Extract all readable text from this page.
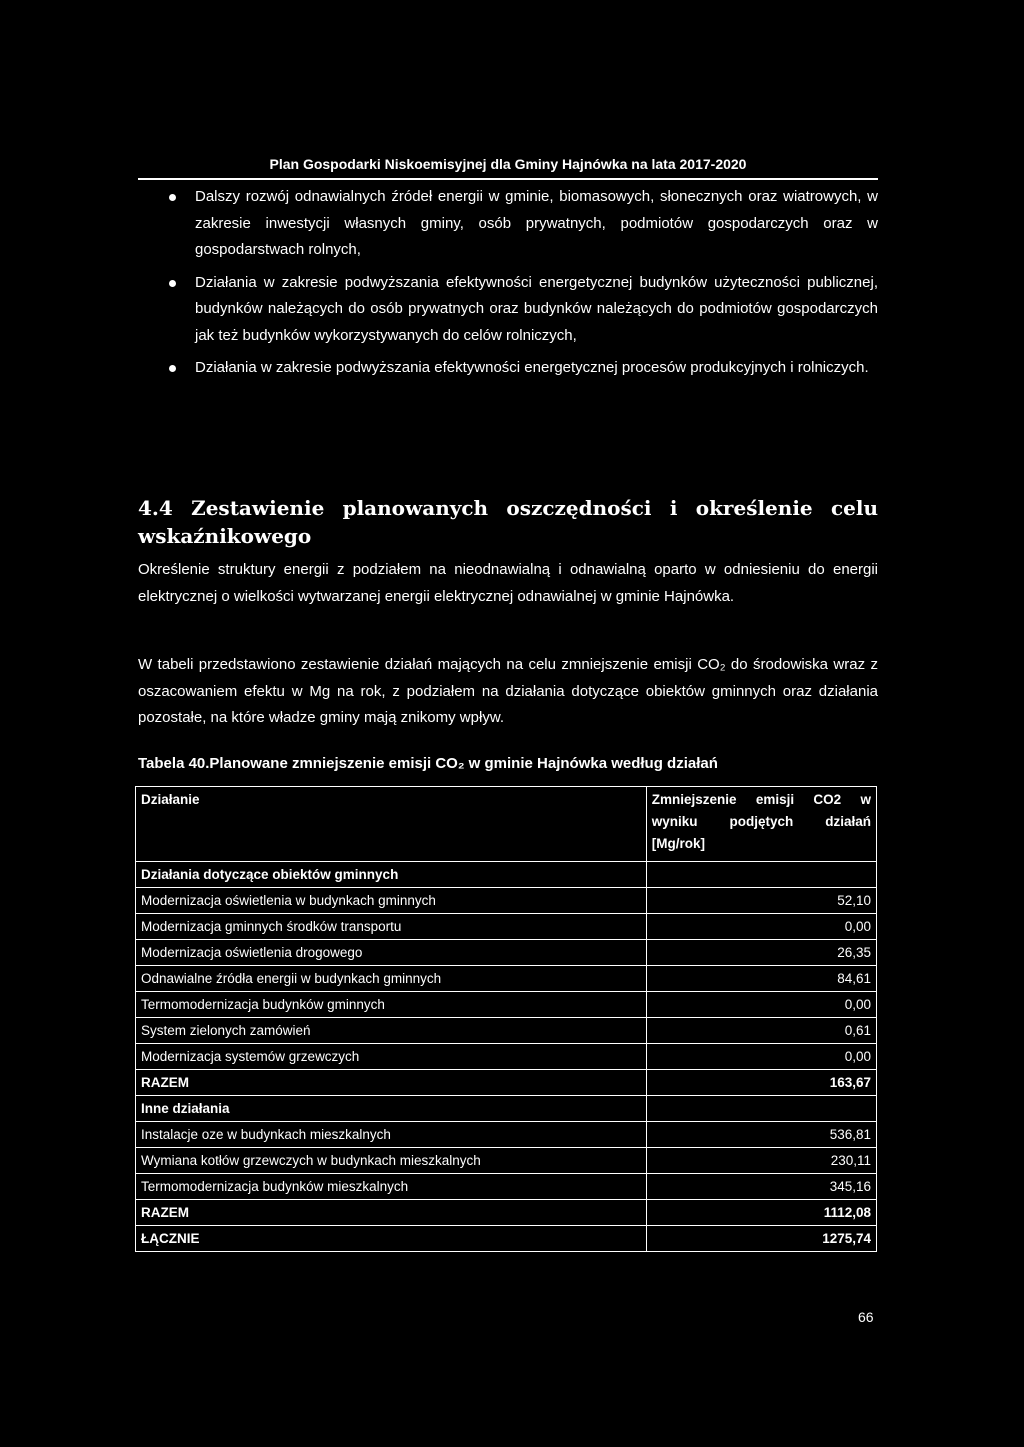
Plan Gospodarki Niskoemisyjnej dla Gminy Hajnówka na lata 2017-2020
Dalszy rozwój odnawialnych źródeł energii w gminie, biomasowych, słonecznych oraz wiatrowych, w zakresie inwestycji własnych gminy, osób prywatnych, podmiotów gospodarczych oraz w gospodarstwach rolnych,
Działania w zakresie podwyższania efektywności energetycznej budynków użyteczności publicznej, budynków należących do osób prywatnych oraz budynków należących do podmiotów gospodarczych jak też budynków wykorzystywanych do celów rolniczych,
Działania w zakresie podwyższania efektywności energetycznej procesów produkcyjnych i rolniczych.
4.4 Zestawienie planowanych oszczędności i określenie celu wskaźnikowego
Określenie struktury energii z podziałem na nieodnawialną i odnawialną oparto w odniesieniu do energii elektrycznej o wielkości wytwarzanej energii elektrycznej odnawialnej w gminie Hajnówka.
W tabeli przedstawiono zestawienie działań mających na celu zmniejszenie emisji CO₂ do środowiska wraz z oszacowaniem efektu w Mg na rok, z podziałem na działania dotyczące obiektów gminnych oraz działania pozostałe, na które władze gminy mają znikomy wpływ.
Tabela 40.Planowane zmniejszenie emisji CO₂ w gminie Hajnówka według działań
Działanie	Zmniejszenie emisji CO2 w wyniku podjętych działań [Mg/rok]
Działania dotyczące obiektów gminnych	
Modernizacja oświetlenia w budynkach gminnych	52,10
Modernizacja gminnych środków transportu	0,00
Modernizacja oświetlenia drogowego	26,35
Odnawialne źródła energii w budynkach gminnych	84,61
Termomodernizacja budynków gminnych	0,00
System zielonych zamówień	0,61
Modernizacja systemów grzewczych	0,00
RAZEM	163,67
Inne działania	
Instalacje oze w budynkach mieszkalnych	536,81
Wymiana kotłów grzewczych w budynkach mieszkalnych	230,11
Termomodernizacja budynków mieszkalnych	345,16
RAZEM	1112,08
ŁĄCZNIE	1275,74
66
